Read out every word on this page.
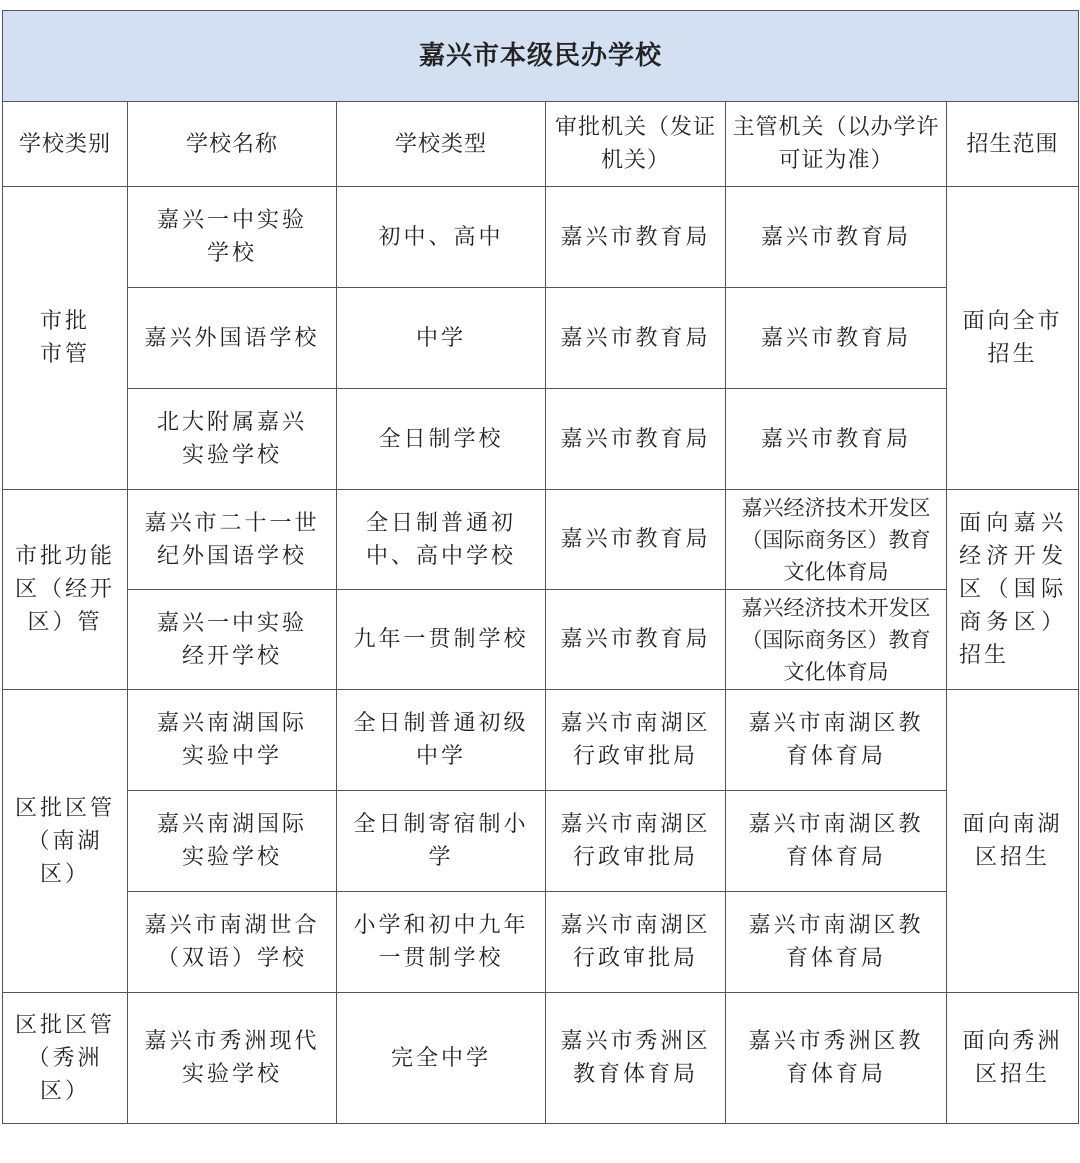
嘉兴市本级民办学校					
学校类别	学校名称	学校类型	审批机关（发证机关）	主管机关（以办学许可证为准）	招生范围
市批市管	嘉兴一中实验学校	初中、高中	嘉兴市教育局	嘉兴市教育局	面向全市招生
	嘉兴外国语学校	中学	嘉兴市教育局	嘉兴市教育局	
	北大附属嘉兴实验学校	全日制学校	嘉兴市教育局	嘉兴市教育局	
市批功能区（经开区）管	嘉兴市二十一世纪外国语学校	全日制普通初中、高中学校	嘉兴市教育局	嘉兴经济技术开发区（国际商务区）教育文化体育局	面向嘉兴经济开发区（国际商务区）招生
	嘉兴一中实验经开学校	九年一贯制学校	嘉兴市教育局	嘉兴经济技术开发区（国际商务区）教育文化体育局	
区批区管（南湖区）	嘉兴南湖国际实验中学	全日制普通初级中学	嘉兴市南湖区行政审批局	嘉兴市南湖区教育体育局	面向南湖区招生
	嘉兴南湖国际实验学校	全日制寄宿制小学	嘉兴市南湖区行政审批局	嘉兴市南湖区教育体育局	
	嘉兴市南湖世合（双语）学校	小学和初中九年一贯制学校	嘉兴市南湖区行政审批局	嘉兴市南湖区教育体育局	
区批区管（秀洲区）	嘉兴市秀洲现代实验学校	完全中学	嘉兴市秀洲区教育体育局	嘉兴市秀洲区教育体育局	面向秀洲区招生
